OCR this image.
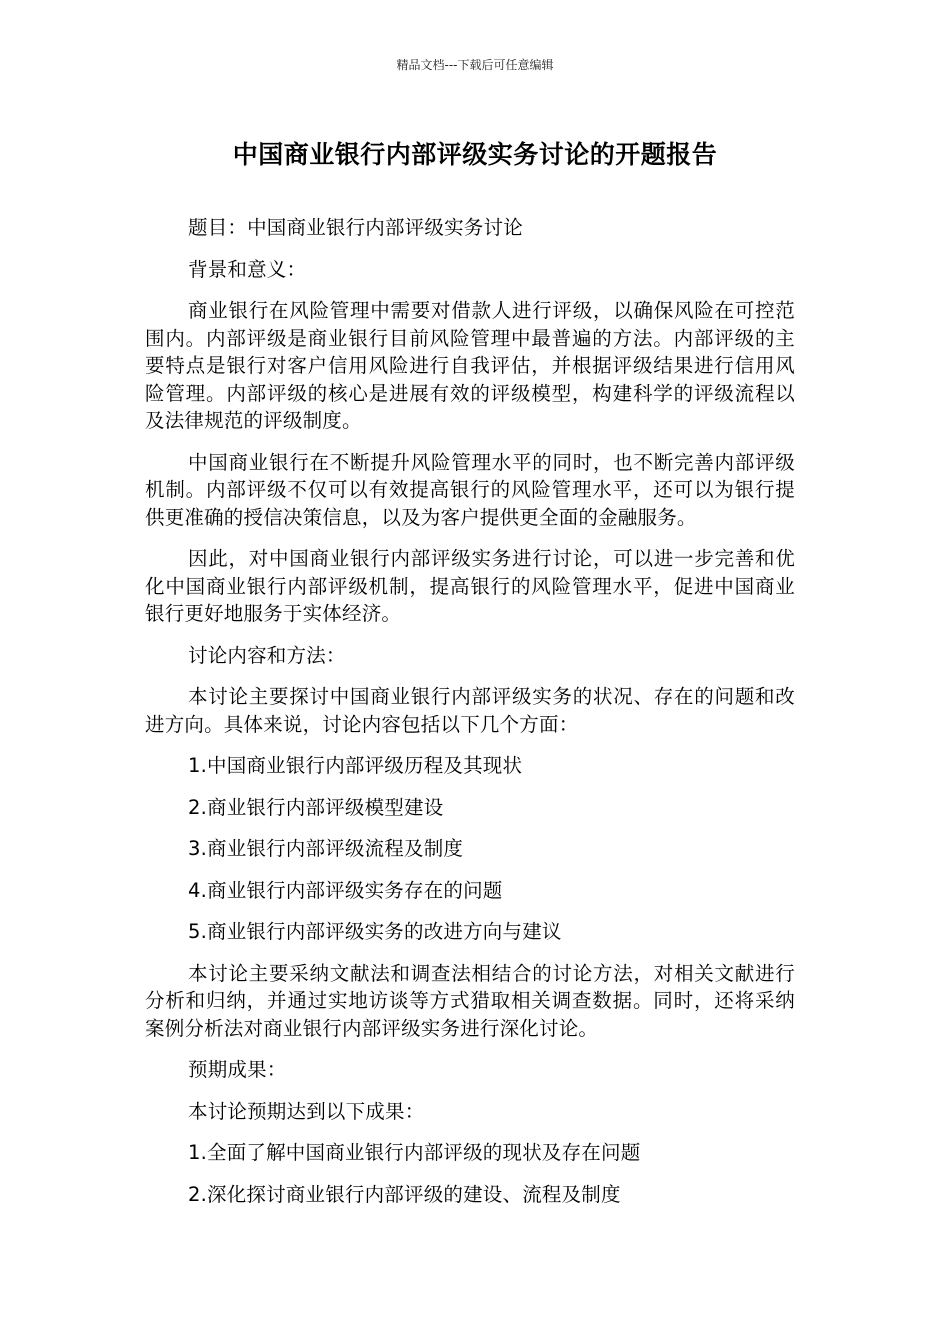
精品文档---下载后可任意编辑
中国商业银行内部评级实务讨论的开题报告

题目：中国商业银行内部评级实务讨论

背景和意义：

商业银行在风险管理中需要对借款人进行评级，以确保风险在可控范围内。内部评级是商业银行目前风险管理中最普遍的方法。内部评级的主要特点是银行对客户信用风险进行自我评估，并根据评级结果进行信用风险管理。内部评级的核心是进展有效的评级模型，构建科学的评级流程以及法律规范的评级制度。

中国商业银行在不断提升风险管理水平的同时，也不断完善内部评级机制。内部评级不仅可以有效提高银行的风险管理水平，还可以为银行提供更准确的授信决策信息，以及为客户提供更全面的金融服务。

因此，对中国商业银行内部评级实务进行讨论，可以进一步完善和优化中国商业银行内部评级机制，提高银行的风险管理水平，促进中国商业银行更好地服务于实体经济。

讨论内容和方法：

本讨论主要探讨中国商业银行内部评级实务的状况、存在的问题和改进方向。具体来说，讨论内容包括以下几个方面：

1.中国商业银行内部评级历程及其现状

2.商业银行内部评级模型建设

3.商业银行内部评级流程及制度

4.商业银行内部评级实务存在的问题

5.商业银行内部评级实务的改进方向与建议

本讨论主要采纳文献法和调查法相结合的讨论方法，对相关文献进行分析和归纳，并通过实地访谈等方式猎取相关调查数据。同时，还将采纳案例分析法对商业银行内部评级实务进行深化讨论。

预期成果：

本讨论预期达到以下成果：

1.全面了解中国商业银行内部评级的现状及存在问题

2.深化探讨商业银行内部评级的建设、流程及制度
